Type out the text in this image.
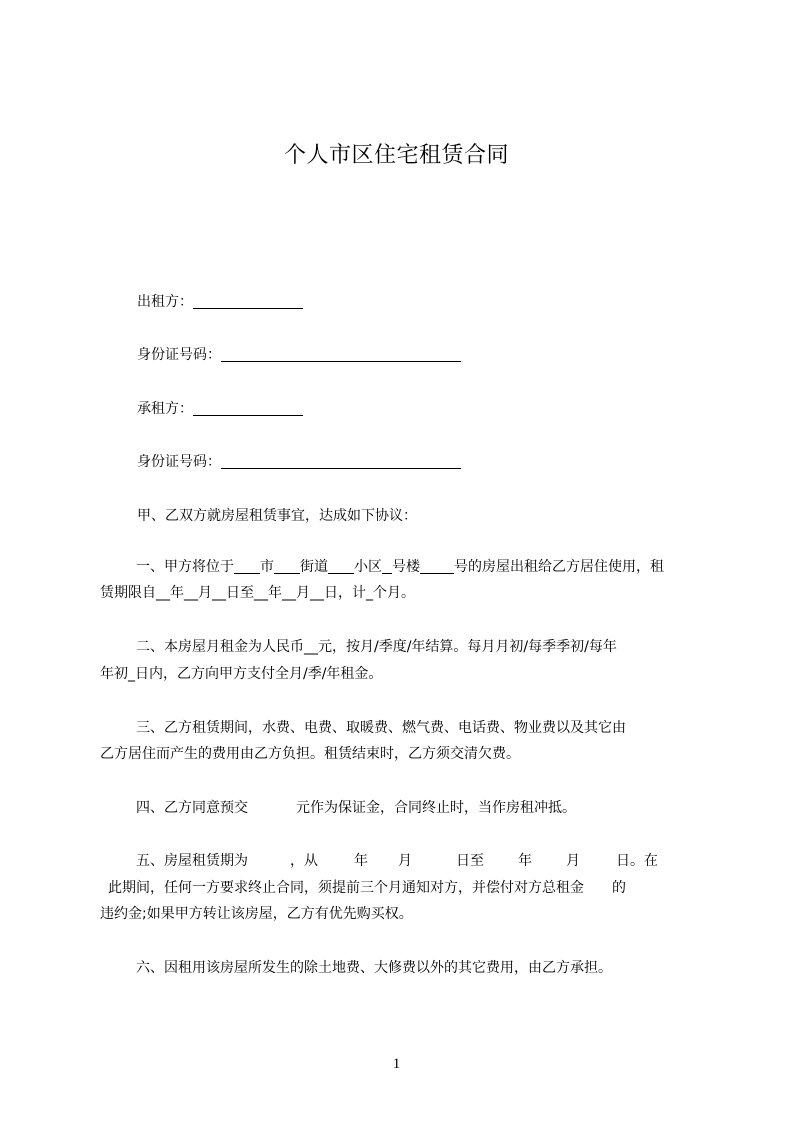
个人市区住宅租赁合同
出租方：
身份证号码：
承租方：
身份证号码：
甲、乙双方就房屋租赁事宜，达成如下协议：
一、甲方将位于 市 街道 小区 号楼 号的房屋出租给乙方居住使用，租
赁期限自__年__月__日至__年__月__日，计_个月。
二、本房屋月租金为人民币__元，按月/季度/年结算。每月月初/每季季初/每年
年初_日内，乙方向甲方支付全月/季/年租金。
三、乙方租赁期间，水费、电费、取暖费、燃气费、电话费、物业费以及其它由
乙方居住而产生的费用由乙方负担。租赁结束时，乙方须交清欠费。
四、乙方同意预交	元作为保证金，合同终止时，当作房租冲抵。
五、房屋租赁期为	，从	年 月	日至 年 月	日。在
此期间，任何一方要求终止合同，须提前三个月通知对方，并偿付对方总租金 的
违约金;如果甲方转让该房屋，乙方有优先购买权。
六、因租用该房屋所发生的除土地费、大修费以外的其它费用，由乙方承担。
1
